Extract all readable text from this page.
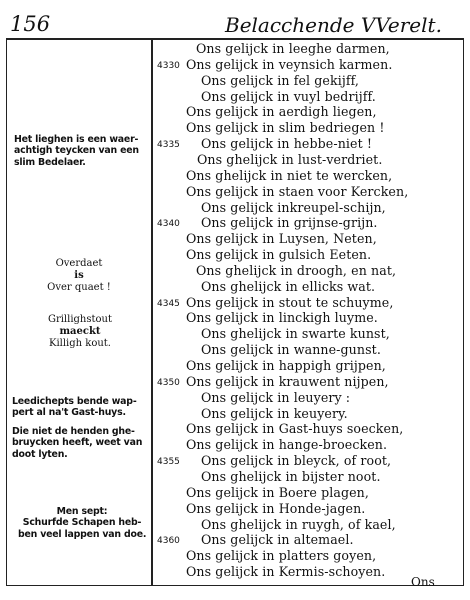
156	Belacchende VVerelt.
Ons gelijck in leeghe darmen,
Ons gelijck in veynsich karmen.
Ons gelijck in fel gekijff,
Ons gelijck in vuyl bedrijff.
Ons gelijck in aerdigh liegen,
Ons gelijck in slim bedriegen !
Ons gelijck in hebbe-niet !
Ons ghelijck in lust-verdriet.
Ons ghelijck in niet te wercken,
Ons gelijck in staen voor Kercken,
Ons gelijck inkreupel-schijn,
Ons gelijck in grijnse-grijn.
Ons gelijck in Luysen, Neten,
Ons gelijck in gulsich Eeten.
Ons ghelijck in droogh, en nat,
Ons ghelijck in ellicks wat.
Ons gelijck in stout te schuyme,
Ons gelijck in linckigh luyme.
Ons ghelijck in swarte kunst,
Ons gelijck in wanne-gunst.
Ons gelijck in happigh grijpen,
Ons gelijck in krauwent nijpen,
Ons gelijck in leuyery :
Ons gelijck in keuyery.
Ons gelijck in Gast-huys soecken,
Ons gelijck in hange-broecken.
Ons gelijck in bleyck, of root,
Ons ghelijck in bijster noot.
Ons gelijck in Boere plagen,
Ons gelijck in Honde-jagen.
Ons ghelijck in ruygh, of kael,
Ons gelijck in altemael.
Ons gelijck in platters goyen,
Ons gelijck in Kermis-schoyen.
4330
4335
4340
4345
4350
4355
4360
Het lieghen is een waer-
achtigh teycken van een
slim Bedelaer.
Overdaet
is
Over quaet !
Grillighstout
maeckt
Killigh kout.
Leedichepts bende wap-
pert al na't Gast-huys.
Die niet de henden ghe-
bruycken heeft, weet van
doot lyten.
Men sept:
Schurfde Schapen heb-
ben veel lappen van doe.
Ons
